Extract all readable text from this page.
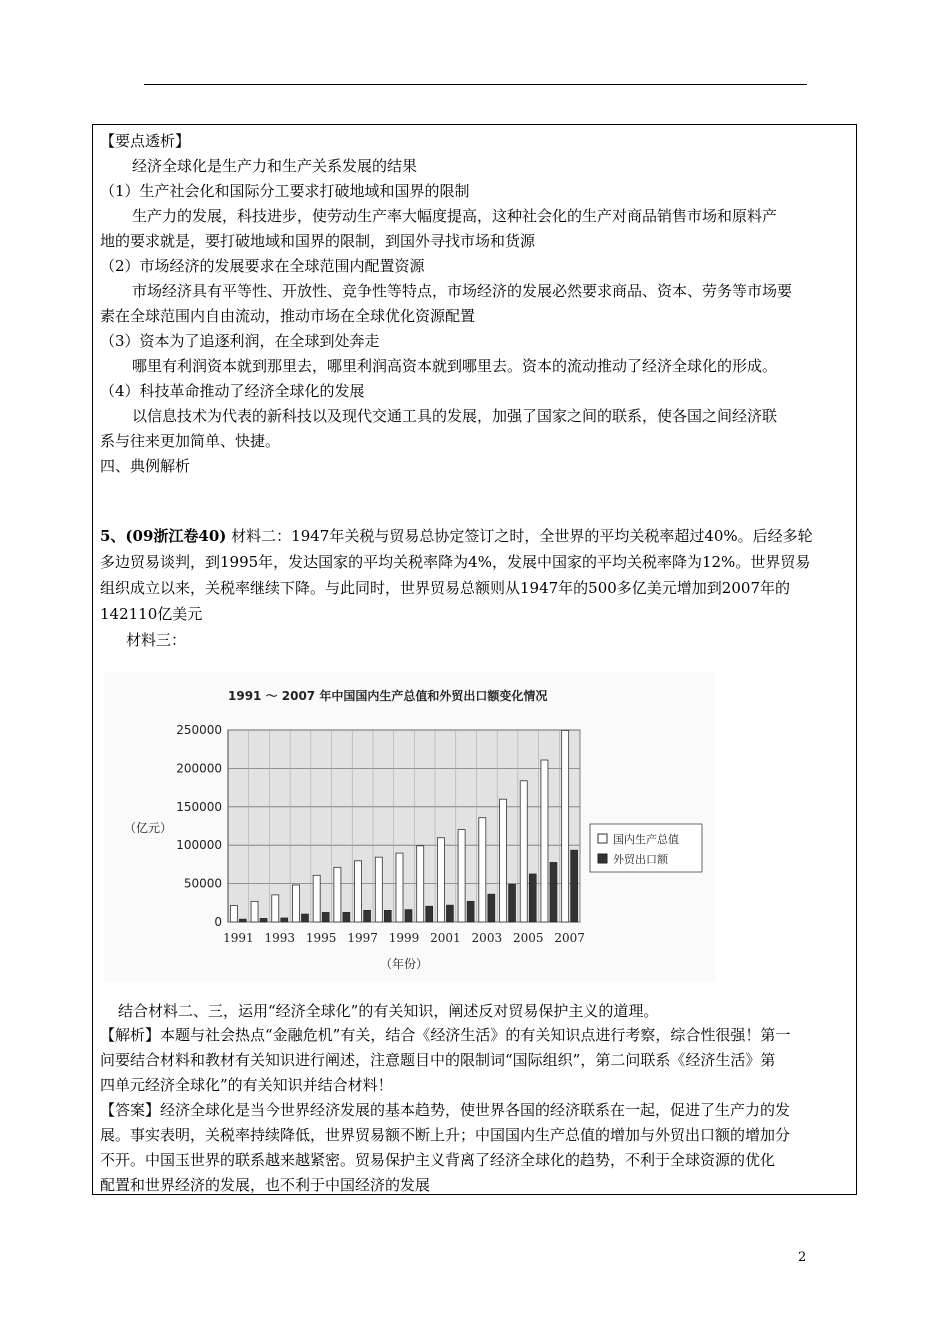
【要点透析】
经济全球化是生产力和生产关系发展的结果
（1）生产社会化和国际分工要求打破地域和国界的限制
生产力的发展，科技进步，使劳动生产率大幅度提高，这种社会化的生产对商品销售市场和原料产
地的要求就是，要打破地域和国界的限制，到国外寻找市场和货源
（2）市场经济的发展要求在全球范围内配置资源
市场经济具有平等性、开放性、竞争性等特点，市场经济的发展必然要求商品、资本、劳务等市场要
素在全球范围内自由流动，推动市场在全球优化资源配置
（3）资本为了追逐利润，在全球到处奔走
哪里有利润资本就到那里去，哪里利润高资本就到哪里去。资本的流动推动了经济全球化的形成。
（4）科技革命推动了经济全球化的发展
以信息技术为代表的新科技以及现代交通工具的发展，加强了国家之间的联系，使各国之间经济联
系与往来更加简单、快捷。
四、典例解析
5、(09浙江卷40) 材料二：1947年关税与贸易总协定签订之时，全世界的平均关税率超过40%。后经多轮
多边贸易谈判，到1995年，发达国家的平均关税率降为4%，发展中国家的平均关税率降为12%。世界贸易
组织成立以来，关税率继续下降。与此同时，世界贸易总额则从1947年的500多亿美元增加到2007年的
142110亿美元
材料三：
1991 ～ 2007 年中国国内生产总值和外贸出口额变化情况
0
50000
100000
150000
200000
250000
（亿元）
1991 1993 1995 1997 1999 2001 2003 2005 2007
（年份）
国内生产总值
外贸出口额
结合材料二、三，运用“经济全球化”的有关知识，阐述反对贸易保护主义的道理。
【解析】本题与社会热点“金融危机”有关，结合《经济生活》的有关知识点进行考察，综合性很强！第一
问要结合材料和教材有关知识进行阐述，注意题目中的限制词“国际组织”，第二问联系《经济生活》第
四单元经济全球化”的有关知识并结合材料！
【答案】经济全球化是当今世界经济发展的基本趋势，使世界各国的经济联系在一起，促进了生产力的发
展。事实表明，关税率持续降低，世界贸易额不断上升；中国国内生产总值的增加与外贸出口额的增加分
不开。中国玉世界的联系越来越紧密。贸易保护主义背离了经济全球化的趋势，不利于全球资源的优化
配置和世界经济的发展，也不利于中国经济的发展
2
